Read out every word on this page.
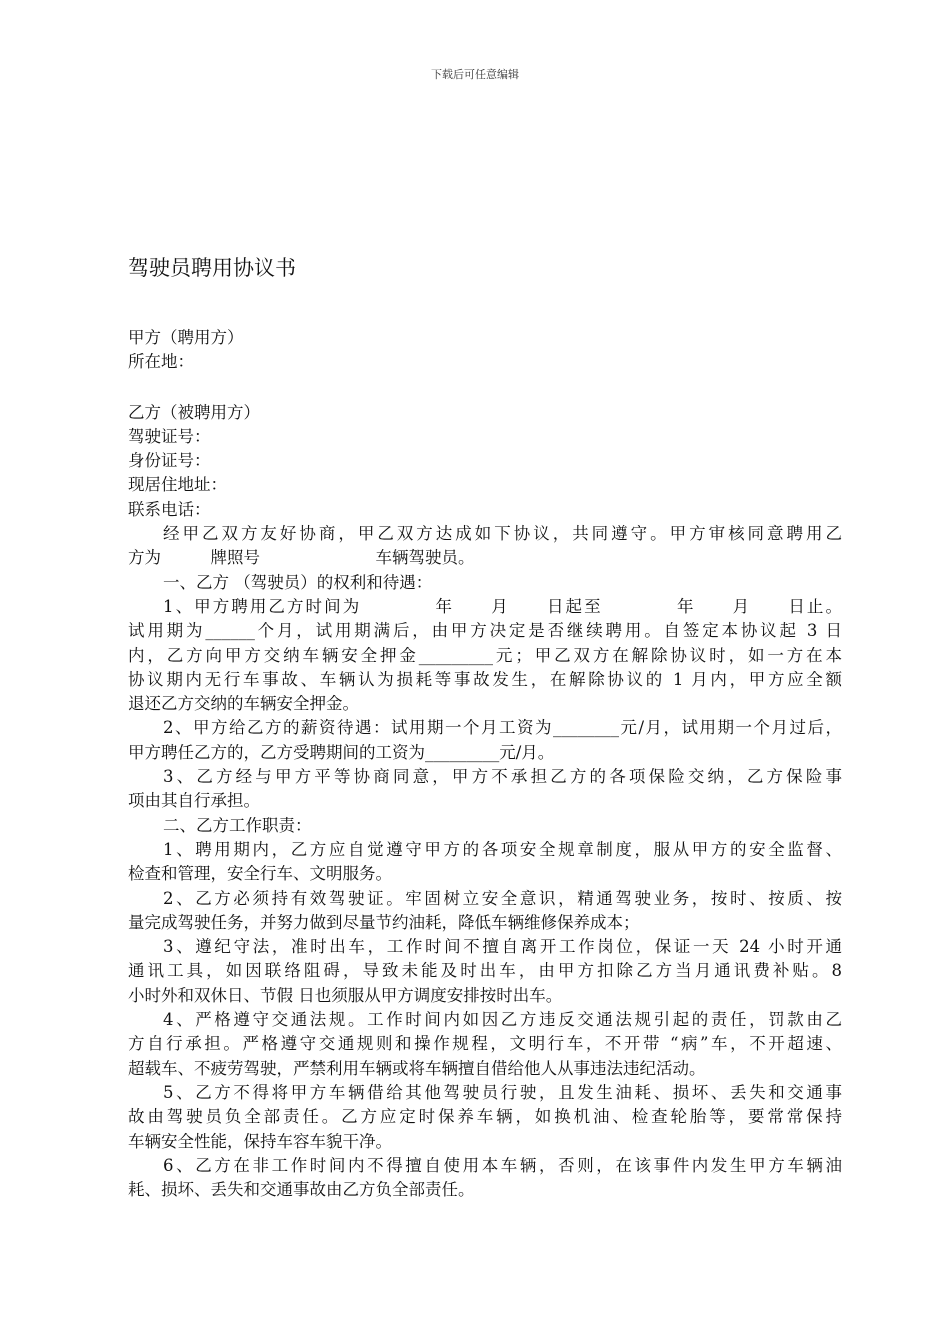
下载后可任意编辑
驾驶员聘用协议书

甲方（聘用方）

所在地：

乙方（被聘用方）

驾驶证号：

身份证号：

现居住地址：

联系电话：

经甲乙双方友好协商，甲乙双方达成如下协议，共同遵守。甲方审核同意聘用乙

方为　　　牌照号　　　　　　　车辆驾驶员。

一、乙方 （驾驶员）的权利和待遇：

1、甲方聘用乙方时间为　　　　年　　月　　日起至　　　　年　　月　　日止。

试用期为______个月，试用期满后，由甲方决定是否继续聘用。自签定本协议起 3 日

内，乙方向甲方交纳车辆安全押金_________元；甲乙双方在解除协议时，如一方在本

协议期内无行车事故、车辆认为损耗等事故发生，在解除协议的 1 月内，甲方应全额

退还乙方交纳的车辆安全押金。

2、甲方给乙方的薪资待遇：试用期一个月工资为________元/月，试用期一个月过后，

甲方聘任乙方的，乙方受聘期间的工资为_________元/月。

3、乙方经与甲方平等协商同意，甲方不承担乙方的各项保险交纳，乙方保险事

项由其自行承担。

二、乙方工作职责：

1、聘用期内，乙方应自觉遵守甲方的各项安全规章制度，服从甲方的安全监督、

检查和管理，安全行车、文明服务。

2、乙方必须持有效驾驶证。牢固树立安全意识，精通驾驶业务，按时、按质、按

量完成驾驶任务，并努力做到尽量节约油耗，降低车辆维修保养成本；

3、遵纪守法，准时出车，工作时间不擅自离开工作岗位，保证一天 24 小时开通

通讯工具，如因联络阻碍，导致未能及时出车，由甲方扣除乙方当月通讯费补贴。8

小时外和双休日、节假 日也须服从甲方调度安排按时出车。

4、严格遵守交通法规。工作时间内如因乙方违反交通法规引起的责任，罚款由乙

方自行承担。严格遵守交通规则和操作规程，文明行车，不开带 “病”车，不开超速、

超载车、不疲劳驾驶，严禁利用车辆或将车辆擅自借给他人从事违法违纪活动。

5、乙方不得将甲方车辆借给其他驾驶员行驶，且发生油耗、损坏、丢失和交通事

故由驾驶员负全部责任。乙方应定时保养车辆，如换机油、检查轮胎等，要常常保持

车辆安全性能，保持车容车貌干净。

6、乙方在非工作时间内不得擅自使用本车辆，否则，在该事件内发生甲方车辆油

耗、损坏、丢失和交通事故由乙方负全部责任。
